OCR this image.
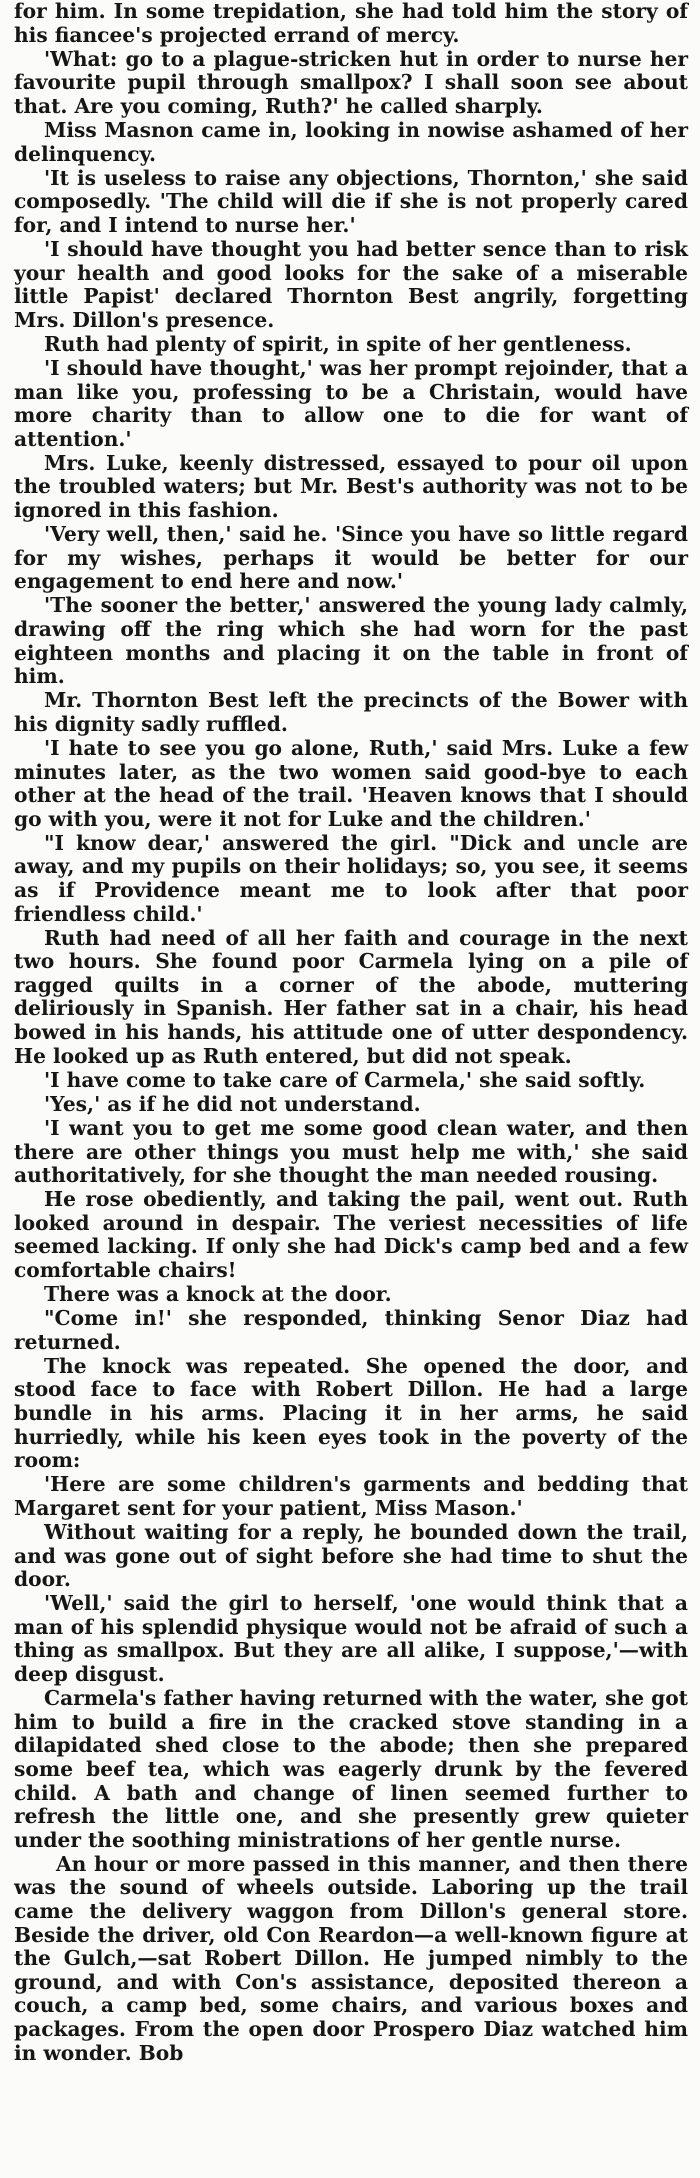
for him. In some trepidation, she had told him the story of his fiancee's projected errand of mercy.

'What: go to a plague-stricken hut in order to nurse her favourite pupil through smallpox? I shall soon see about that. Are you coming, Ruth?' he called sharply.

Miss Masnon came in, looking in nowise ashamed of her delinquency.

'It is useless to raise any objections, Thornton,' she said composedly. 'The child will die if she is not properly cared for, and I intend to nurse her.'

'I should have thought you had better sence than to risk your health and good looks for the sake of a miserable little Papist' declared Thornton Best angrily, forgetting Mrs. Dillon's presence.

Ruth had plenty of spirit, in spite of her gentleness.

'I should have thought,' was her prompt rejoinder, that a man like you, professing to be a Christain, would have more charity than to allow one to die for want of attention.'

Mrs. Luke, keenly distressed, essayed to pour oil upon the troubled waters; but Mr. Best's authority was not to be ignored in this fashion.

'Very well, then,' said he. 'Since you have so little regard for my wishes, perhaps it would be better for our engagement to end here and now.'

'The sooner the better,' answered the young lady calmly, drawing off the ring which she had worn for the past eighteen months and placing it on the table in front of him.

Mr. Thornton Best left the precincts of the Bower with his dignity sadly ruffled.

'I hate to see you go alone, Ruth,' said Mrs. Luke a few minutes later, as the two women said good-bye to each other at the head of the trail. 'Heaven knows that I should go with you, were it not for Luke and the children.'

"I know dear,' answered the girl. "Dick and uncle are away, and my pupils on their holidays; so, you see, it seems as if Providence meant me to look after that poor friendless child.'

Ruth had need of all her faith and courage in the next two hours. She found poor Carmela lying on a pile of ragged quilts in a corner of the abode, muttering deliriously in Spanish. Her father sat in a chair, his head bowed in his hands, his attitude one of utter despondency. He looked up as Ruth entered, but did not speak.

'I have come to take care of Carmela,' she said softly.

'Yes,' as if he did not understand.

'I want you to get me some good clean water, and then there are other things you must help me with,' she said authoritatively, for she thought the man needed rousing.

He rose obediently, and taking the pail, went out. Ruth looked around in despair. The veriest necessities of life seemed lacking. If only she had Dick's camp bed and a few comfortable chairs!

There was a knock at the door.

"Come in!' she responded, thinking Senor Diaz had returned.

The knock was repeated. She opened the door, and stood face to face with Robert Dillon. He had a large bundle in his arms. Placing it in her arms, he said hurriedly, while his keen eyes took in the poverty of the room:

'Here are some children's garments and bedding that Margaret sent for your patient, Miss Mason.'

Without waiting for a reply, he bounded down the trail, and was gone out of sight before she had time to shut the door.

'Well,' said the girl to herself, 'one would think that a man of his splendid physique would not be afraid of such a thing as smallpox. But they are all alike, I suppose,'—with deep disgust.

Carmela's father having returned with the water, she got him to build a fire in the cracked stove standing in a dilapidated shed close to the abode; then she prepared some beef tea, which was eagerly drunk by the fevered child. A bath and change of linen seemed further to refresh the little one, and she presently grew quieter under the soothing ministrations of her gentle nurse.

An hour or more passed in this manner, and then there was the sound of wheels outside. Laboring up the trail came the delivery waggon from Dillon's general store. Beside the driver, old Con Reardon—a well-known figure at the Gulch,—sat Robert Dillon. He jumped nimbly to the ground, and with Con's assistance, deposited thereon a couch, a camp bed, some chairs, and various boxes and packages. From the open door Prospero Diaz watched him in wonder. Bob
